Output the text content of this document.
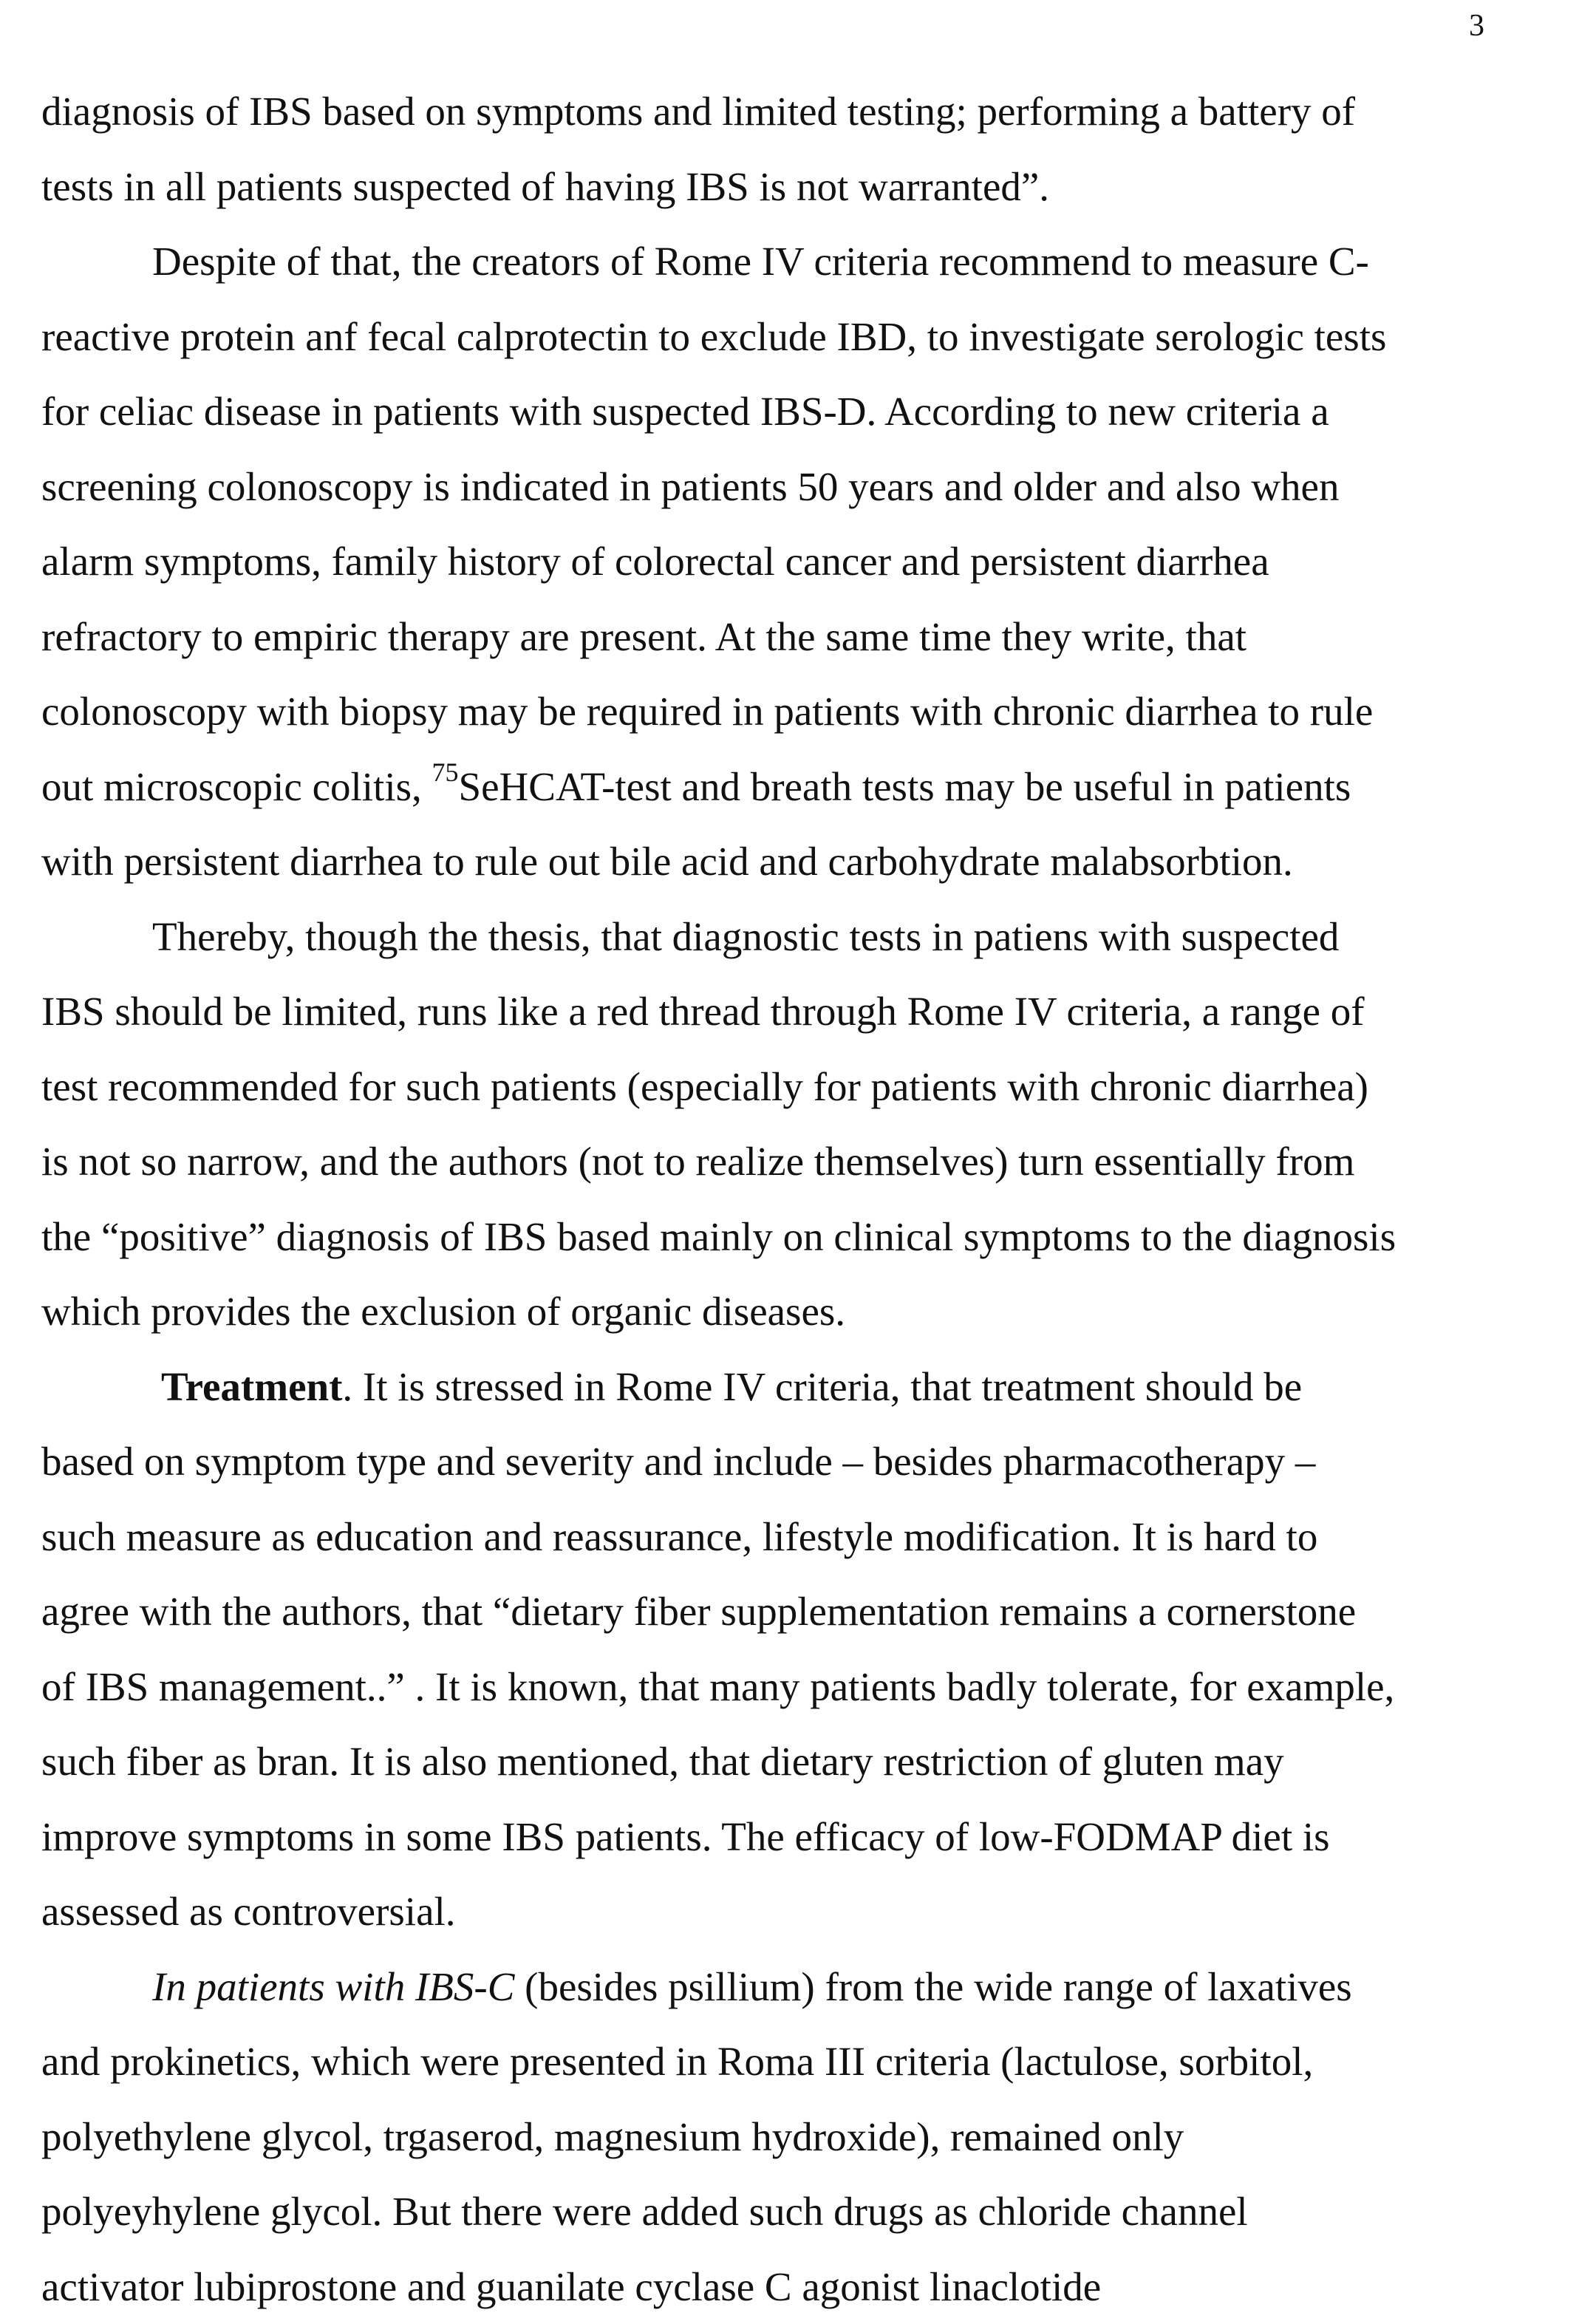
3
diagnosis of IBS based on symptoms and limited testing; performing a battery of
tests in all patients suspected of having IBS is not warranted”.
Despite of that, the creators of Rome IV criteria recommend to measure C-
reactive protein anf fecal calprotectin to exclude IBD, to investigate serologic tests
for celiac disease in patients with suspected IBS-D. According to new criteria a
screening colonoscopy is indicated in patients 50 years and older and also when
alarm symptoms, family history of colorectal cancer and persistent diarrhea
refractory to empiric therapy are present. At the same time they write, that
colonoscopy with biopsy may be required in patients with chronic diarrhea to rule
out microscopic colitis, $^{75}$SeHCAT-test and breath tests may be useful in patients
with persistent diarrhea to rule out bile acid and carbohydrate malabsorbtion.
Thereby, though the thesis, that diagnostic tests in patiens with suspected
IBS should be limited, runs like a red thread through Rome IV criteria, a range of
test recommended for such patients (especially for patients with chronic diarrhea)
is not so narrow, and the authors (not to realize themselves) turn essentially from
the “positive” diagnosis of IBS based mainly on clinical symptoms to the diagnosis
which provides the exclusion of organic diseases.
Treatment. It is stressed in Rome IV criteria, that treatment should be
based on symptom type and severity and include – besides pharmacotherapy –
such measure as education and reassurance, lifestyle modification. It is hard to
agree with the authors, that “dietary fiber supplementation remains a cornerstone
of IBS management..” . It is known, that many patients badly tolerate, for example,
such fiber as bran. It is also mentioned, that dietary restriction of gluten may
improve symptoms in some IBS patients. The efficacy of low-FODMAP diet is
assessed as controversial.
In patients with IBS-C (besides psillium) from the wide range of laxatives
and prokinetics, which were presented in Roma III criteria (lactulose, sorbitol,
polyethylene glycol, trgaserod, magnesium hydroxide), remained only
polyeyhylene glycol. But there were added such drugs as chloride channel
activator lubiprostone and guanilate cyclase C agonist linaclotide
